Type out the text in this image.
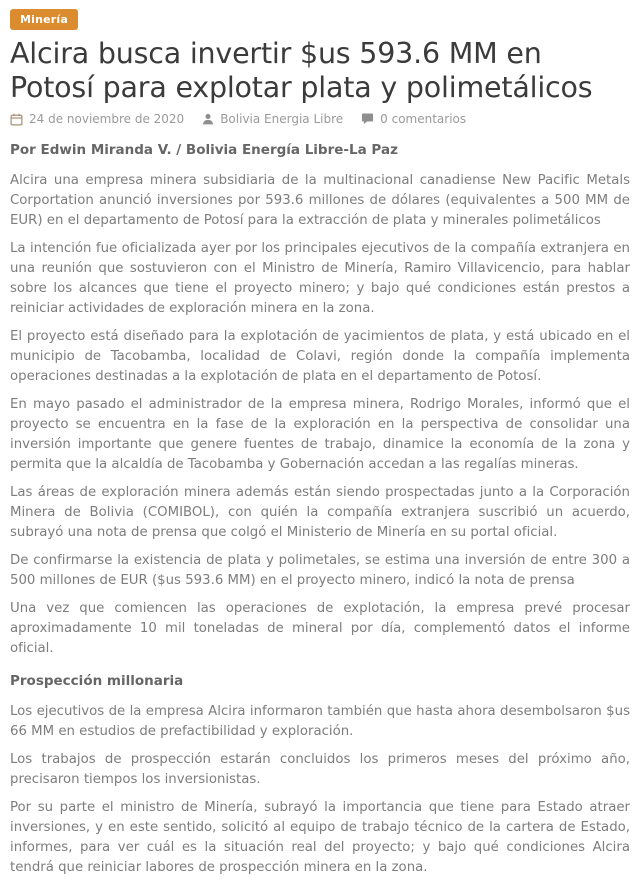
Minería
Alcira busca invertir $us 593.6 MM en Potosí para explotar plata y polimetálicos
24 de noviembre de 2020	Bolivia Energia Libre	0 comentarios
Por Edwin Miranda V. / Bolivia Energía Libre-La Paz

Alcira una empresa minera subsidiaria de la multinacional canadiense New Pacific Metals Corportation anunció inversiones por 593.6 millones de dólares (equivalentes a 500 MM de EUR) en el departamento de Potosí para la extracción de plata y minerales polimetálicos

La intención fue oficializada ayer por los principales ejecutivos de la compañía extranjera en una reunión que sostuvieron con el Ministro de Minería, Ramiro Villavicencio, para hablar sobre los alcances que tiene el proyecto minero; y bajo qué condiciones están prestos a reiniciar actividades de exploración minera en la zona.

El proyecto está diseñado para la explotación de yacimientos de plata, y está ubicado en el municipio de Tacobamba, localidad de Colavi, región donde la compañía implementa operaciones destinadas a la explotación de plata en el departamento de Potosí.

En mayo pasado el administrador de la empresa minera, Rodrigo Morales, informó que el proyecto se encuentra en la fase de la exploración en la perspectiva de consolidar una inversión importante que genere fuentes de trabajo, dinamice la economía de la zona y permita que la alcaldía de Tacobamba y Gobernación accedan a las regalías mineras.

Las áreas de exploración minera además están siendo prospectadas junto a la Corporación Minera de Bolivia (COMIBOL), con quién la compañía extranjera suscribió un acuerdo, subrayó una nota de prensa que colgó el Ministerio de Minería en su portal oficial.

De confirmarse la existencia de plata y polimetales, se estima una inversión de entre 300 a 500 millones de EUR ($us 593.6 MM) en el proyecto minero, indicó la nota de prensa

Una vez que comiencen las operaciones de explotación, la empresa prevé procesar aproximadamente 10 mil toneladas de mineral por día, complementó datos el informe oficial.

Prospección millonaria

Los ejecutivos de la empresa Alcira informaron también que hasta ahora desembolsaron $us 66 MM en estudios de prefactibilidad y exploración.

Los trabajos de prospección estarán concluidos los primeros meses del próximo año, precisaron tiempos los inversionistas.

Por su parte el ministro de Minería, subrayó la importancia que tiene para Estado atraer inversiones, y en este sentido, solicitó al equipo de trabajo técnico de la cartera de Estado, informes, para ver cuál es la situación real del proyecto; y bajo qué condiciones Alcira tendrá que reiniciar labores de prospección minera en la zona.
